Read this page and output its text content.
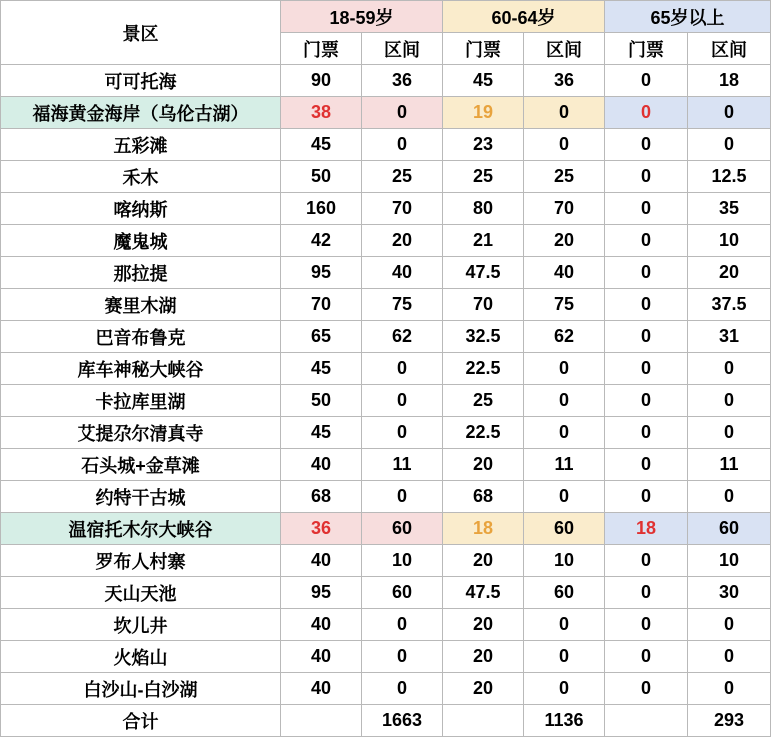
景区	18-59岁		60-64岁		65岁以上	
	门票	区间	门票	区间	门票	区间
可可托海	90	36	45	36	0	18
福海黄金海岸（乌伦古湖）	38	0	19	0	0	0
五彩滩	45	0	23	0	0	0
禾木	50	25	25	25	0	12.5
喀纳斯	160	70	80	70	0	35
魔鬼城	42	20	21	20	0	10
那拉提	95	40	47.5	40	0	20
赛里木湖	70	75	70	75	0	37.5
巴音布鲁克	65	62	32.5	62	0	31
库车神秘大峡谷	45	0	22.5	0	0	0
卡拉库里湖	50	0	25	0	0	0
艾提尕尔清真寺	45	0	22.5	0	0	0
石头城+金草滩	40	11	20	11	0	11
约特干古城	68	0	68	0	0	0
温宿托木尔大峡谷	36	60	18	60	18	60
罗布人村寨	40	10	20	10	0	10
天山天池	95	60	47.5	60	0	30
坎儿井	40	0	20	0	0	0
火焰山	40	0	20	0	0	0
白沙山-白沙湖	40	0	20	0	0	0
合计		1663		1136		293
